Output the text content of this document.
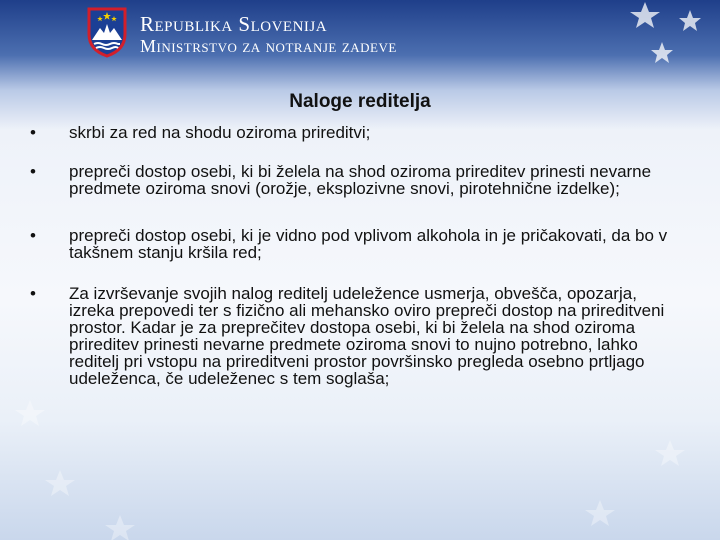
Republika Slovenija
Ministrstvo za notranje zadeve
Naloge reditelja
• skrbi za red na shodu oziroma prireditvi;
• prepreči dostop osebi, ki bi želela na shod oziroma prireditev prinesti nevarne predmete oziroma snovi (orožje, eksplozivne snovi, pirotehnične izdelke);
• prepreči dostop osebi, ki je vidno pod vplivom alkohola in je pričakovati, da bo v takšnem stanju kršila red;
• Za izvrševanje svojih nalog reditelj udeležence usmerja, obvešča, opozarja, izreka prepovedi ter s fizično ali mehansko oviro prepreči dostop na prireditveni prostor. Kadar je za preprečitev dostopa osebi, ki bi želela na shod oziroma prireditev prinesti nevarne predmete oziroma snovi to nujno potrebno, lahko reditelj pri vstopu na prireditveni prostor površinsko pregleda osebno prtljago udeleženca, če udeleženec s tem soglaša;
